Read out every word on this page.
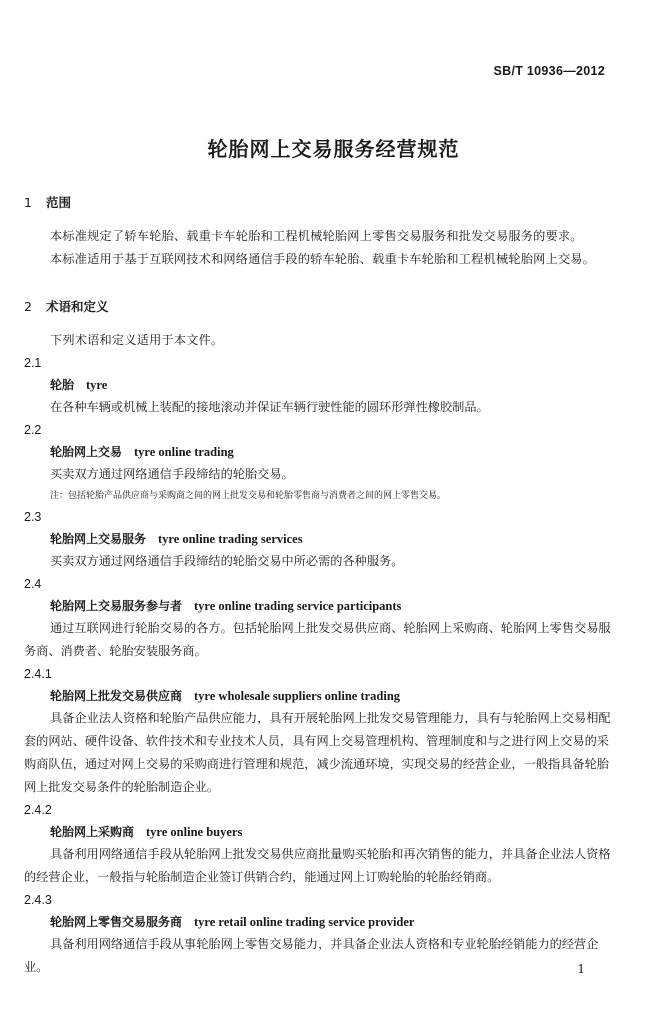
SB/T 10936—2012
轮胎网上交易服务经营规范
1 范围
本标准规定了轿车轮胎、载重卡车轮胎和工程机械轮胎网上零售交易服务和批发交易服务的要求。
本标准适用于基于互联网技术和网络通信手段的轿车轮胎、载重卡车轮胎和工程机械轮胎网上交易。
2 术语和定义
下列术语和定义适用于本文件。
2.1
轮胎 tyre
在各种车辆或机械上装配的接地滚动并保证车辆行驶性能的圆环形弹性橡胶制品。
2.2
轮胎网上交易 tyre online trading
买卖双方通过网络通信手段缔结的轮胎交易。
注：包括轮胎产品供应商与采购商之间的网上批发交易和轮胎零售商与消费者之间的网上零售交易。
2.3
轮胎网上交易服务 tyre online trading services
买卖双方通过网络通信手段缔结的轮胎交易中所必需的各种服务。
2.4
轮胎网上交易服务参与者 tyre online trading service participants
通过互联网进行轮胎交易的各方。包括轮胎网上批发交易供应商、轮胎网上采购商、轮胎网上零售交易服务商、消费者、轮胎安装服务商。
2.4.1
轮胎网上批发交易供应商 tyre wholesale suppliers online trading
具备企业法人资格和轮胎产品供应能力，具有开展轮胎网上批发交易管理能力，具有与轮胎网上交易相配套的网站、硬件设备、软件技术和专业技术人员，具有网上交易管理机构、管理制度和与之进行网上交易的采购商队伍，通过对网上交易的采购商进行管理和规范，减少流通环境，实现交易的经营企业，一般指具备轮胎网上批发交易条件的轮胎制造企业。
2.4.2
轮胎网上采购商 tyre online buyers
具备利用网络通信手段从轮胎网上批发交易供应商批量购买轮胎和再次销售的能力，并具备企业法人资格的经营企业，一般指与轮胎制造企业签订供销合约，能通过网上订购轮胎的轮胎经销商。
2.4.3
轮胎网上零售交易服务商 tyre retail online trading service provider
具备利用网络通信手段从事轮胎网上零售交易能力，并具备企业法人资格和专业轮胎经销能力的经营企业。	1
